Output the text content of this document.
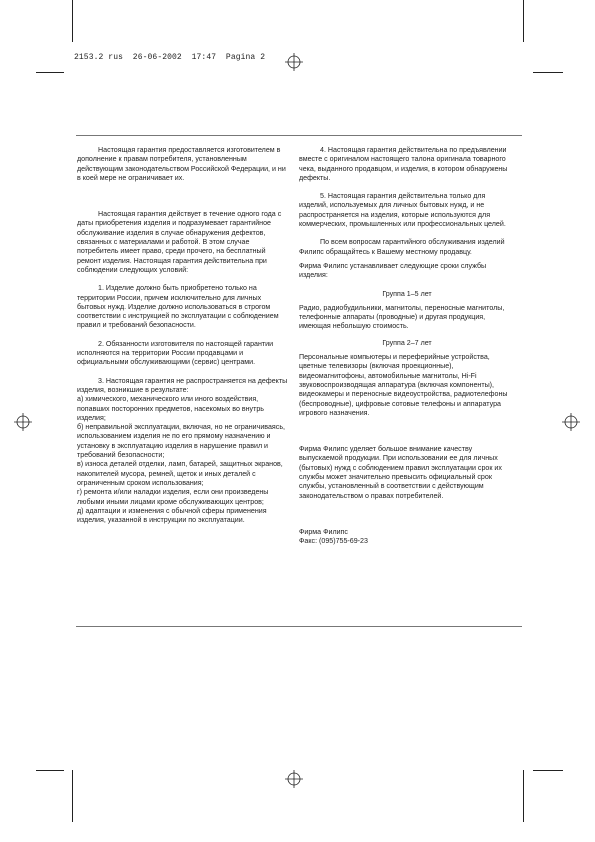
2153.2 rus  26-06-2002  17:47  Pagina 2

Настоящая гарантия предоставляется изготовителем в дополнение к правам потребителя, установленным действующим законодательством Российской Федерации, и ни в коей мере не ограничивает их.

Настоящая гарантия действует в течение одного года с даты приобретения изделия и подразумевает гарантийное обслуживание изделия в случае обнаружения дефектов, связанных с материалами и работой. В этом случае потребитель имеет право, среди прочего, на бесплатный ремонт изделия. Настоящая гарантия действительна при соблюдении следующих условий:

1. Изделие должно быть приобретено только на территории России, причем исключительно для личных бытовых нужд. Изделие должно использоваться в строгом соответствии с инструкцией по эксплуатации с соблюдением правил и требований безопасности.

2. Обязанности изготовителя по настоящей гарантии исполняются на территории России продавцами и официальными обслуживающими (сервис) центрами.

3. Настоящая гарантия не распространяется на дефекты изделия, возникшие в результате:

а) химического, механического или иного воздействия, попавших посторонних предметов, насекомых во внутрь изделия;

б) неправильной эксплуатации, включая, но не ограничиваясь, использованием изделия не по его прямому назначению и установку в эксплуатацию изделия в нарушение правил и требований безопасности;

в) износа деталей отделки, ламп, батарей, защитных экранов, накопителей мусора, ремней, щеток и иных деталей с ограниченным сроком использования;

г) ремонта и/или наладки изделия, если они произведены любыми иными лицами кроме обслуживающих центров;

д) адаптации и изменения с обычной сферы применения изделия, указанной в инструкции по эксплуатации.

4. Настоящая гарантия действительна по предъявлении вместе с оригиналом настоящего талона оригинала товарного чека, выданного продавцом, и изделия, в котором обнаружены дефекты.

5. Настоящая гарантия действительна только для изделий, используемых для личных бытовых нужд, и не распространяется на изделия, которые используются для коммерческих, промышленных или профессиональных целей.

По всем вопросам гарантийного обслуживания изделий Филипс обращайтесь к Вашему местному продавцу.

Фирма Филипс устанавливает следующие сроки службы изделия:

Группа 1–5 лет

Радио, радиобудильники, магнитолы, переносные магнитолы, телефонные аппараты (проводные) и другая продукция, имеющая небольшую стоимость.

Группа 2–7 лет

Персональные компьютеры и переферийные устройства, цветные телевизоры (включая проекционные), видеомагнитофоны, автомобильные магнитолы, Hi-Fi звуковоспроизводящая аппаратура (включая компоненты), видеокамеры и переносные видеоустройства, радиотелефоны (беспроводные), цифровые сотовые телефоны и аппаратура игрового назначения.

Фирма Филипс уделяет большое внимание качеству выпускаемой продукции. При использовании ее для личных (бытовых) нужд с соблюдением правил эксплуатации срок их службы может значительно превысить официальный срок службы, установленный в соответствии с действующим законодательством о правах потребителей.

Фирма Филипс

Факс: (095)755-69-23
